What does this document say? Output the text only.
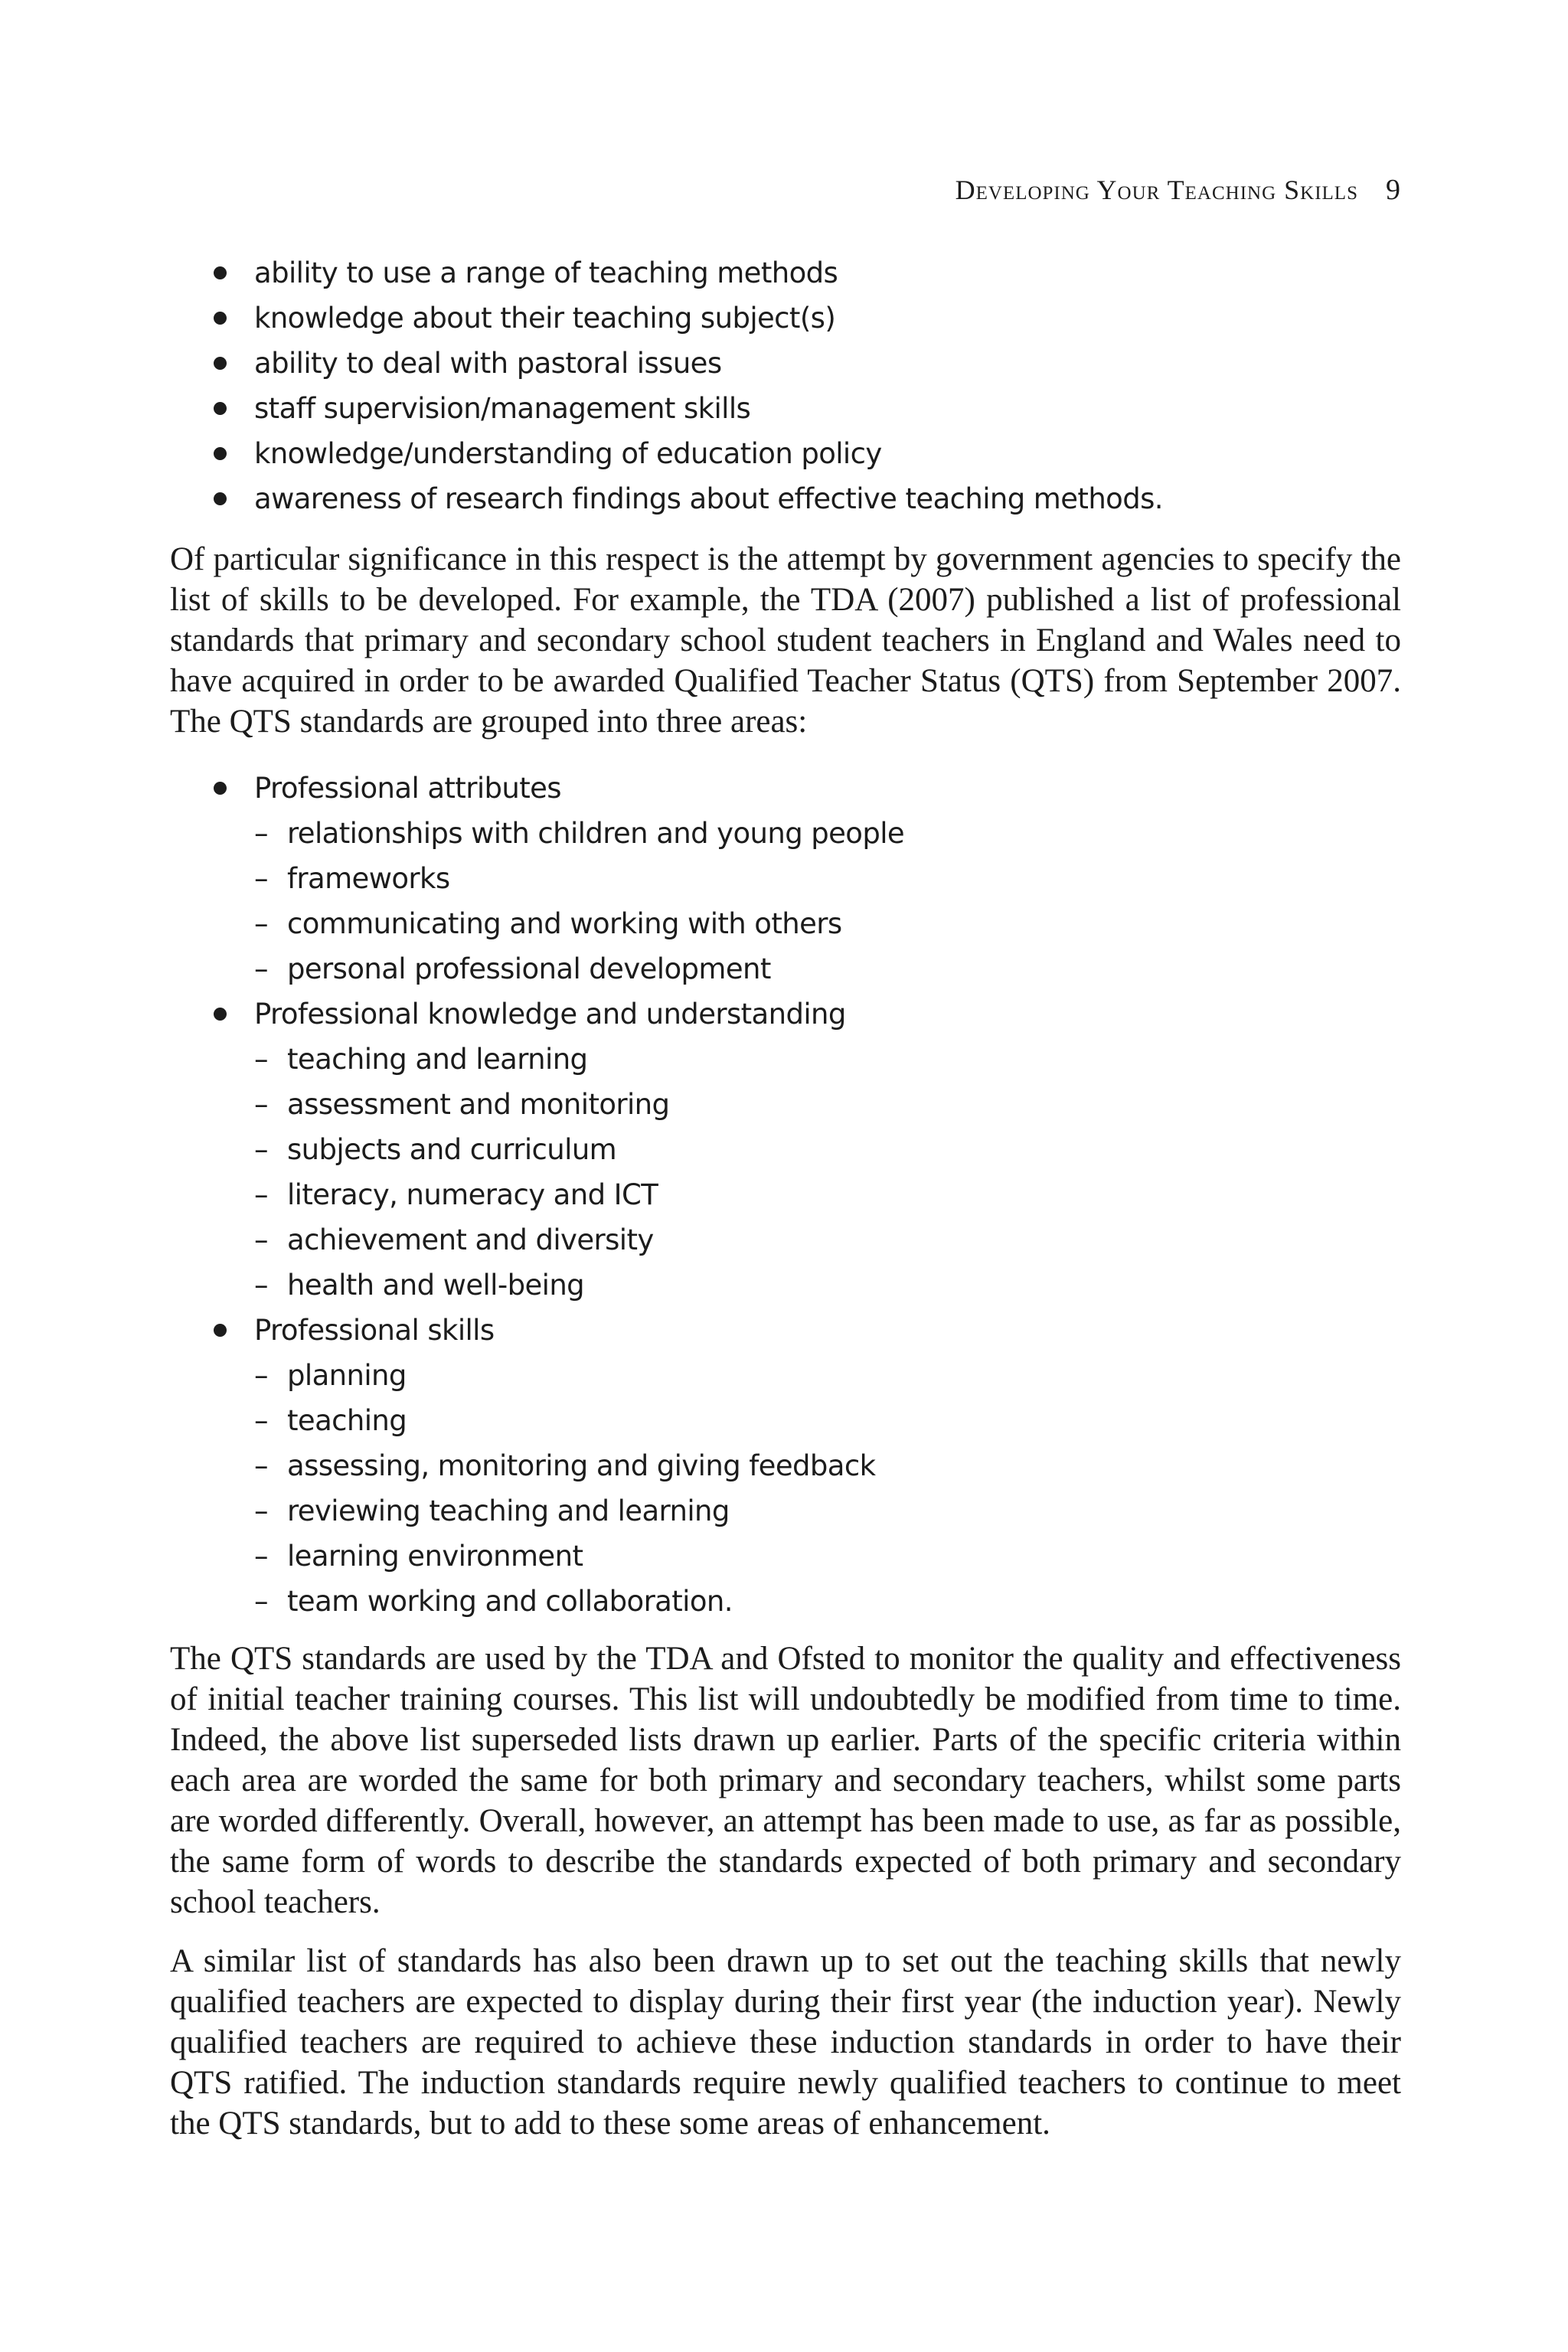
Developing Your Teaching Skills 9
ability to use a range of teaching methods
knowledge about their teaching subject(s)
ability to deal with pastoral issues
staff supervision/management skills
knowledge/understanding of education policy
awareness of research findings about effective teaching methods.

Of particular significance in this respect is the attempt by government agencies to specify the list of skills to be developed. For example, the TDA (2007) published a list of professional standards that primary and secondary school student teachers in England and Wales need to have acquired in order to be awarded Qualified Teacher Status (QTS) from September 2007. The QTS standards are grouped into three areas:

Professional attributes
– relationships with children and young people
– frameworks
– communicating and working with others
– personal professional development
Professional knowledge and understanding
– teaching and learning
– assessment and monitoring
– subjects and curriculum
– literacy, numeracy and ICT
– achievement and diversity
– health and well-being
Professional skills
– planning
– teaching
– assessing, monitoring and giving feedback
– reviewing teaching and learning
– learning environment
– team working and collaboration.

The QTS standards are used by the TDA and Ofsted to monitor the quality and effectiveness of initial teacher training courses. This list will undoubtedly be modified from time to time. Indeed, the above list superseded lists drawn up earlier. Parts of the specific criteria within each area are worded the same for both primary and secondary teachers, whilst some parts are worded differently. Overall, however, an attempt has been made to use, as far as possible, the same form of words to describe the standards expected of both primary and secondary school teachers.

A similar list of standards has also been drawn up to set out the teaching skills that newly qualified teachers are expected to display during their first year (the induction year). Newly qualified teachers are required to achieve these induction standards in order to have their QTS ratified. The induction standards require newly qualified teachers to continue to meet the QTS standards, but to add to these some areas of enhancement.
